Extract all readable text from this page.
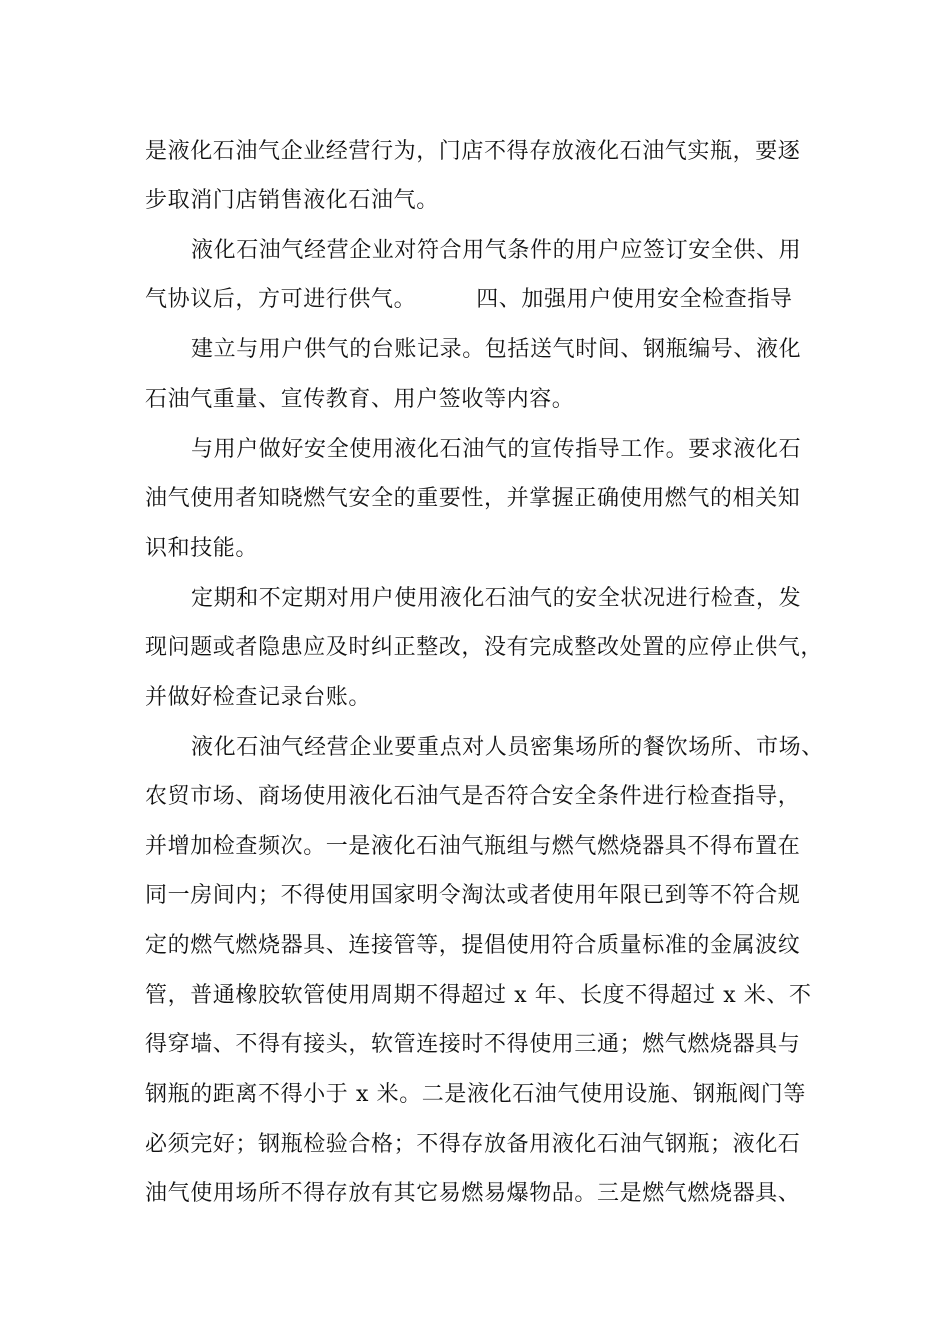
是液化石油气企业经营行为，门店不得存放液化石油气实瓶，要逐
步取消门店销售液化石油气。
液化石油气经营企业对符合用气条件的用户应签订安全供、用
气协议后，方可进行供气。	四、加强用户使用安全检查指导
建立与用户供气的台账记录。包括送气时间、钢瓶编号、液化
石油气重量、宣传教育、用户签收等内容。
与用户做好安全使用液化石油气的宣传指导工作。要求液化石
油气使用者知晓燃气安全的重要性，并掌握正确使用燃气的相关知
识和技能。
定期和不定期对用户使用液化石油气的安全状况进行检查，发
现问题或者隐患应及时纠正整改，没有完成整改处置的应停止供气，
并做好检查记录台账。
液化石油气经营企业要重点对人员密集场所的餐饮场所、市场、
农贸市场、商场使用液化石油气是否符合安全条件进行检查指导，
并增加检查频次。一是液化石油气瓶组与燃气燃烧器具不得布置在
同一房间内；不得使用国家明令淘汰或者使用年限已到等不符合规
定的燃气燃烧器具、连接管等，提倡使用符合质量标准的金属波纹
管，普通橡胶软管使用周期不得超过 x 年、长度不得超过 x 米、不
得穿墙、不得有接头，软管连接时不得使用三通；燃气燃烧器具与
钢瓶的距离不得小于 x 米。二是液化石油气使用设施、钢瓶阀门等
必须完好；钢瓶检验合格；不得存放备用液化石油气钢瓶；液化石
油气使用场所不得存放有其它易燃易爆物品。三是燃气燃烧器具、
